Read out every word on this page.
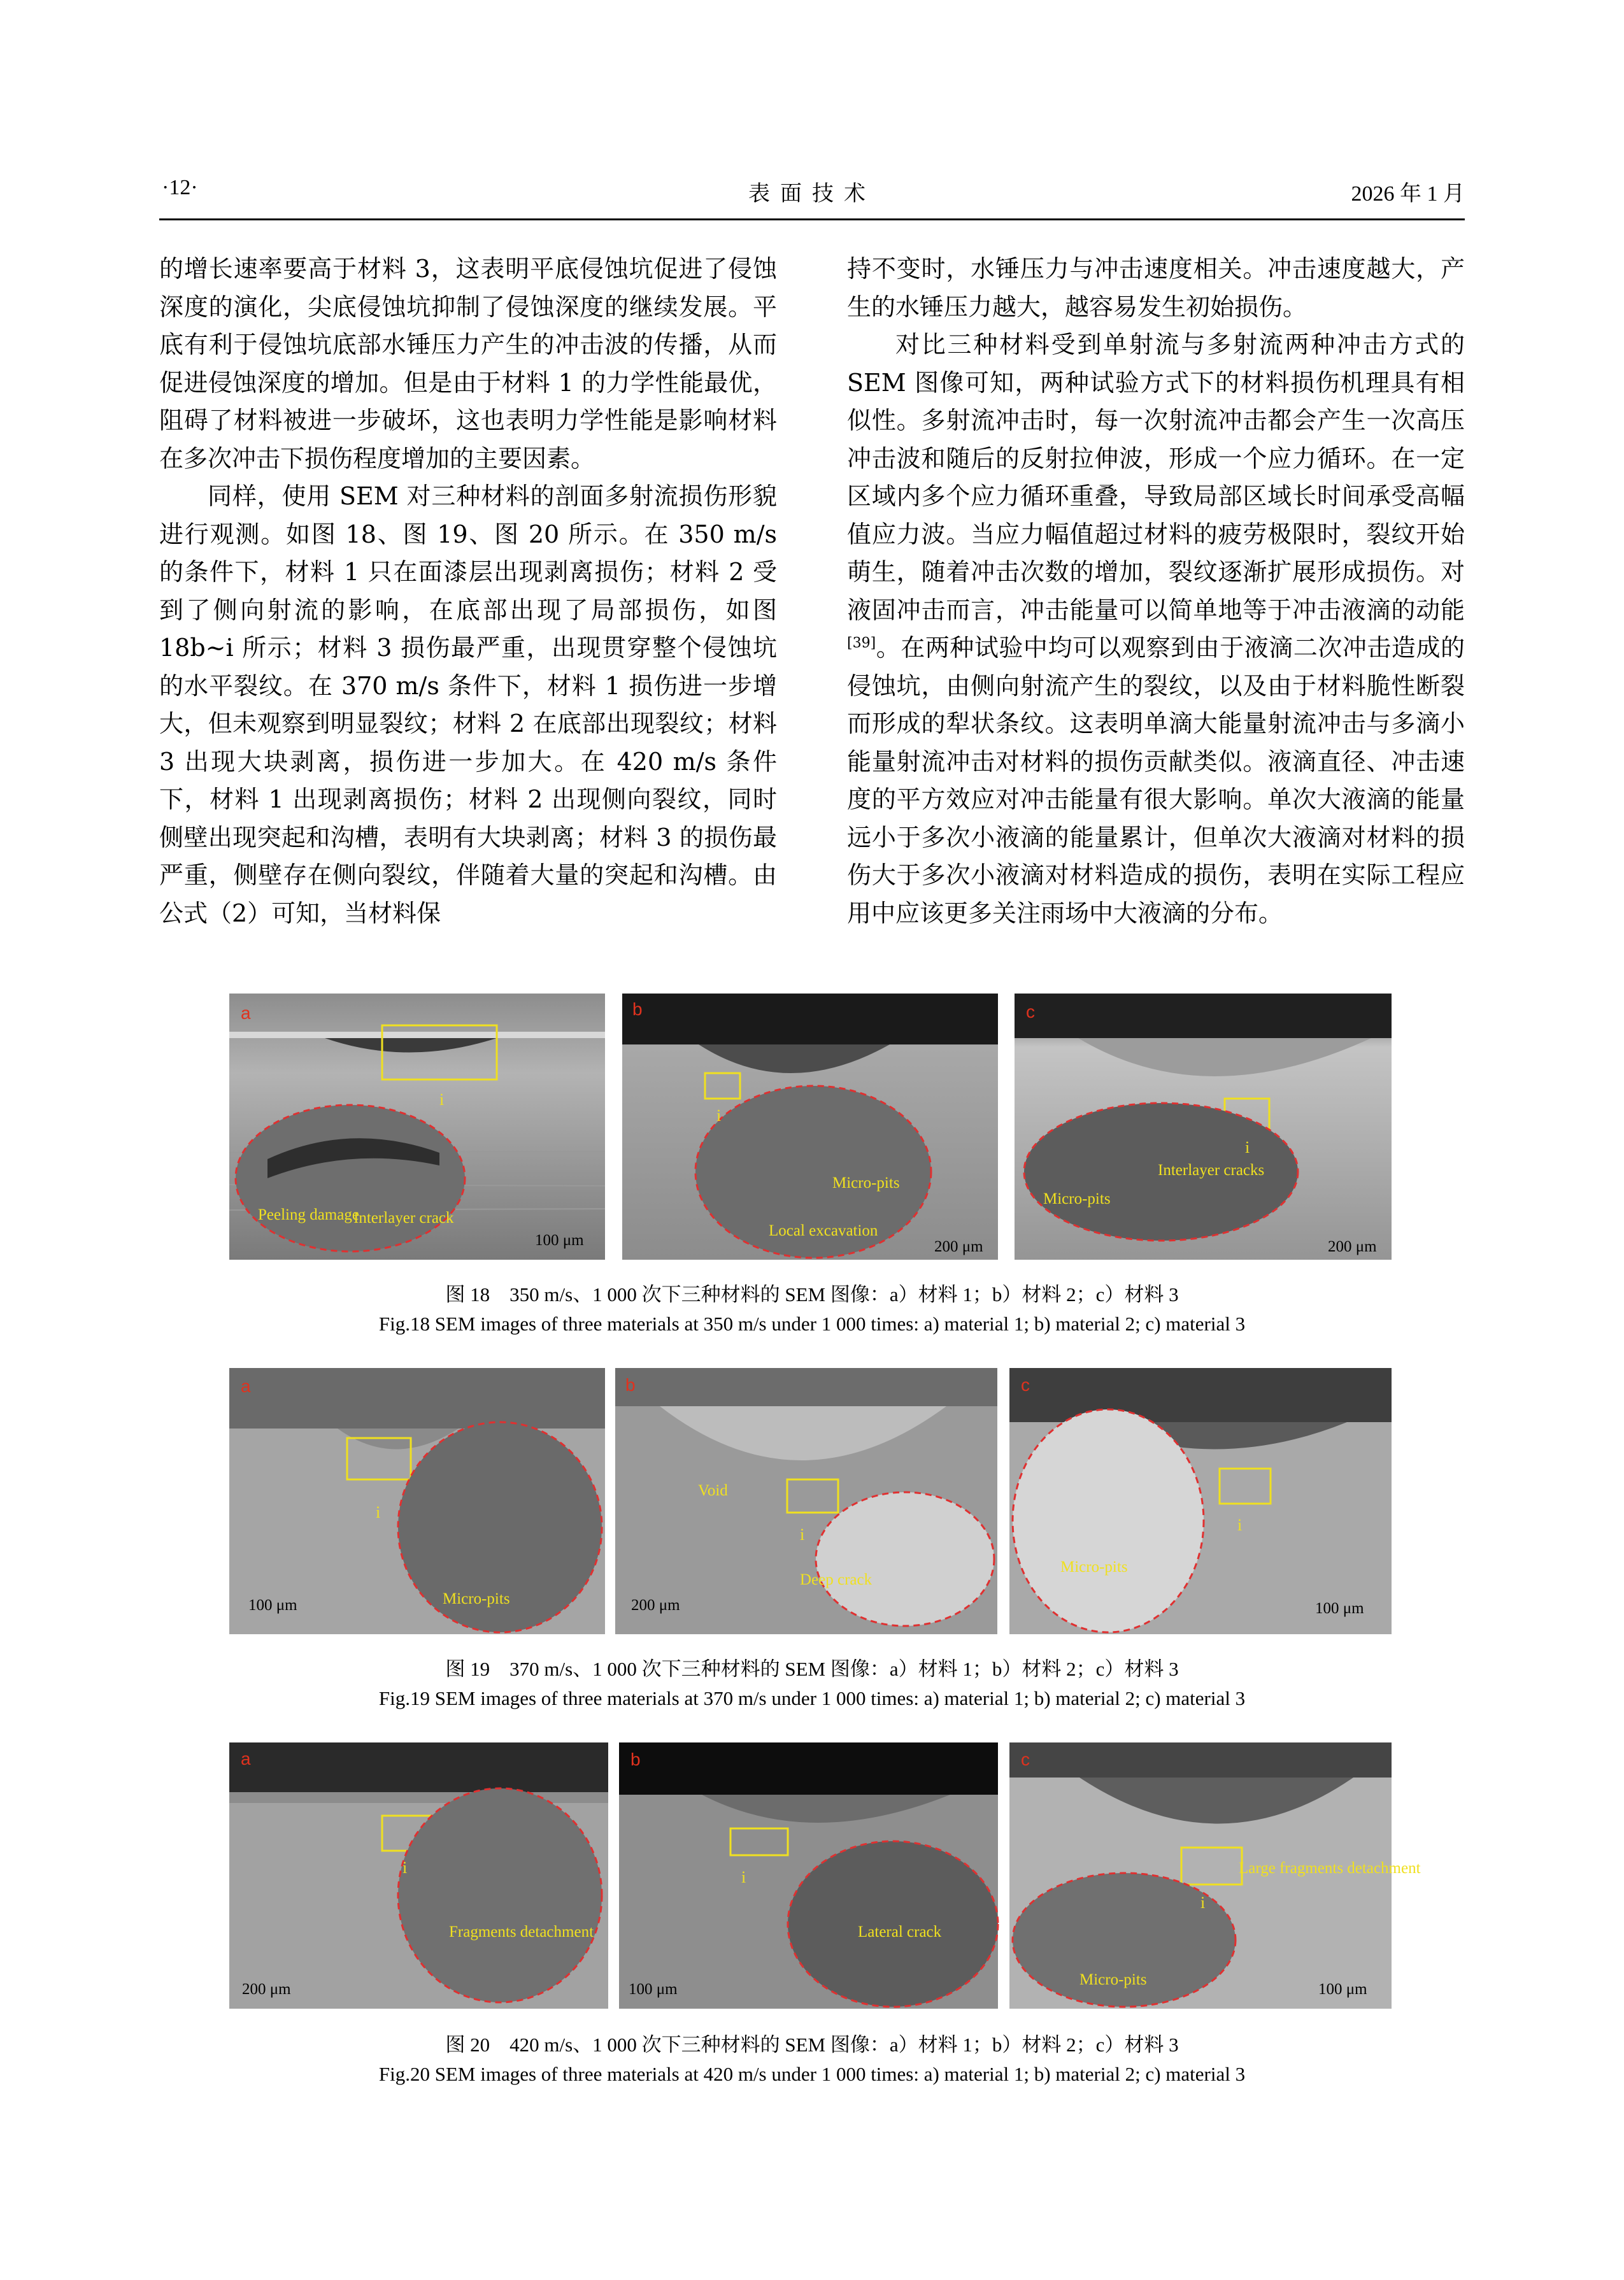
·12·	表面技术	2026 年 1 月

的增长速率要高于材料 3，这表明平底侵蚀坑促进了侵蚀深度的演化，尖底侵蚀坑抑制了侵蚀深度的继续发展。平底有利于侵蚀坑底部水锤压力产生的冲击波的传播，从而促进侵蚀深度的增加。但是由于材料 1 的力学性能最优，阻碍了材料被进一步破坏，这也表明力学性能是影响材料在多次冲击下损伤程度增加的主要因素。

同样，使用 SEM 对三种材料的剖面多射流损伤形貌进行观测。如图 18、图 19、图 20 所示。在 350 m/s 的条件下，材料 1 只在面漆层出现剥离损伤；材料 2 受到了侧向射流的影响，在底部出现了局部损伤，如图 18b~i 所示；材料 3 损伤最严重，出现贯穿整个侵蚀坑的水平裂纹。在 370 m/s 条件下，材料 1 损伤进一步增大，但未观察到明显裂纹；材料 2 在底部出现裂纹；材料 3 出现大块剥离，损伤进一步加大。在 420 m/s 条件下，材料 1 出现剥离损伤；材料 2 出现侧向裂纹，同时侧壁出现突起和沟槽，表明有大块剥离；材料 3 的损伤最严重，侧壁存在侧向裂纹，伴随着大量的突起和沟槽。由公式（2）可知，当材料保

持不变时，水锤压力与冲击速度相关。冲击速度越大，产生的水锤压力越大，越容易发生初始损伤。

对比三种材料受到单射流与多射流两种冲击方式的 SEM 图像可知，两种试验方式下的材料损伤机理具有相似性。多射流冲击时，每一次射流冲击都会产生一次高压冲击波和随后的反射拉伸波，形成一个应力循环。在一定区域内多个应力循环重叠，导致局部区域长时间承受高幅值应力波。当应力幅值超过材料的疲劳极限时，裂纹开始萌生，随着冲击次数的增加，裂纹逐渐扩展形成损伤。对液固冲击而言，冲击能量可以简单地等于冲击液滴的动能[39]。在两种试验中均可以观察到由于液滴二次冲击造成的侵蚀坑，由侧向射流产生的裂纹，以及由于材料脆性断裂而形成的犁状条纹。这表明单滴大能量射流冲击与多滴小能量射流冲击对材料的损伤贡献类似。液滴直径、冲击速度的平方效应对冲击能量有很大影响。单次大液滴的能量远小于多次小液滴的能量累计，但单次大液滴对材料的损伤大于多次小液滴对材料造成的损伤，表明在实际工程应用中应该更多关注雨场中大液滴的分布。

a
i
Peeling damage
Interlayer crack
100 μm
b
i
Micro-pits
Local excavation
200 μm
c
i
Interlayer cracks
Micro-pits
200 μm
图 18　350 m/s、1 000 次下三种材料的 SEM 图像：a）材料 1；b）材料 2；c）材料 3
Fig.18 SEM images of three materials at 350 m/s under 1 000 times: a) material 1; b) material 2; c) material 3
a
i
Micro-pits
100 μm
b
i
Void
Deep crack
200 μm
c
i
Micro-pits
100 μm
图 19　370 m/s、1 000 次下三种材料的 SEM 图像：a）材料 1；b）材料 2；c）材料 3
Fig.19 SEM images of three materials at 370 m/s under 1 000 times: a) material 1; b) material 2; c) material 3
a
i
Fragments detachment
200 μm
b
i
Lateral crack
100 μm
c
i
Large fragments detachment
Micro-pits
100 μm
图 20　420 m/s、1 000 次下三种材料的 SEM 图像：a）材料 1；b）材料 2；c）材料 3
Fig.20 SEM images of three materials at 420 m/s under 1 000 times: a) material 1; b) material 2; c) material 3
